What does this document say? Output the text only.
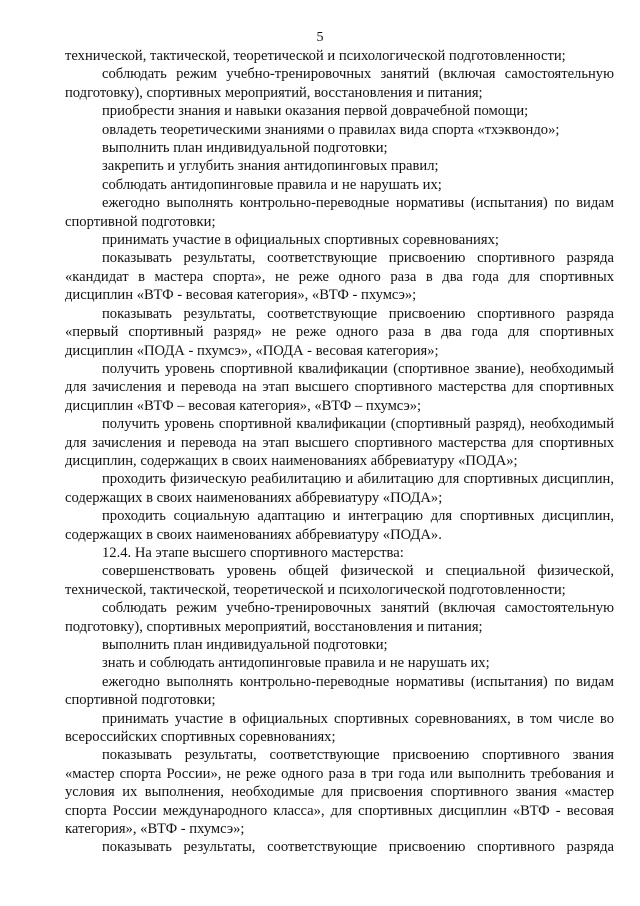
5

технической, тактической, теоретической и психологической подготовленности;

соблюдать режим учебно-тренировочных занятий (включая самостоятельную подготовку), спортивных мероприятий, восстановления и питания;

приобрести знания и навыки оказания первой доврачебной помощи;

овладеть теоретическими знаниями о правилах вида спорта «тхэквондо»;

выполнить план индивидуальной подготовки;

закрепить и углубить знания антидопинговых правил;

соблюдать антидопинговые правила и не нарушать их;

ежегодно выполнять контрольно-переводные нормативы (испытания) по видам спортивной подготовки;

принимать участие в официальных спортивных соревнованиях;

показывать результаты, соответствующие присвоению спортивного разряда «кандидат в мастера спорта», не реже одного раза в два года для спортивных дисциплин «ВТФ - весовая категория», «ВТФ - пхумсэ»;

показывать результаты, соответствующие присвоению спортивного разряда «первый спортивный разряд» не реже одного раза в два года для спортивных дисциплин «ПОДА - пхумсэ», «ПОДА - весовая категория»;

получить уровень спортивной квалификации (спортивное звание), необходимый для зачисления и перевода на этап высшего спортивного мастерства для спортивных дисциплин «ВТФ – весовая категория», «ВТФ – пхумсэ»;

получить уровень спортивной квалификации (спортивный разряд), необходимый для зачисления и перевода на этап высшего спортивного мастерства для спортивных дисциплин, содержащих в своих наименованиях аббревиатуру «ПОДА»;

проходить физическую реабилитацию и абилитацию для спортивных дисциплин, содержащих в своих наименованиях аббревиатуру «ПОДА»;

проходить социальную адаптацию и интеграцию для спортивных дисциплин, содержащих в своих наименованиях аббревиатуру «ПОДА».

12.4. На этапе высшего спортивного мастерства:

совершенствовать уровень общей физической и специальной физической, технической, тактической, теоретической и психологической подготовленности;

соблюдать режим учебно-тренировочных занятий (включая самостоятельную подготовку), спортивных мероприятий, восстановления и питания;

выполнить план индивидуальной подготовки;

знать и соблюдать антидопинговые правила и не нарушать их;

ежегодно выполнять контрольно-переводные нормативы (испытания) по видам спортивной подготовки;

принимать участие в официальных спортивных соревнованиях, в том числе во всероссийских спортивных соревнованиях;

показывать результаты, соответствующие присвоению спортивного звания «мастер спорта России», не реже одного раза в три года или выполнить требования и условия их выполнения, необходимые для присвоения спортивного звания «мастер спорта России международного класса», для спортивных дисциплин «ВТФ - весовая категория», «ВТФ - пхумсэ»;

показывать результаты, соответствующие присвоению спортивного разряда
